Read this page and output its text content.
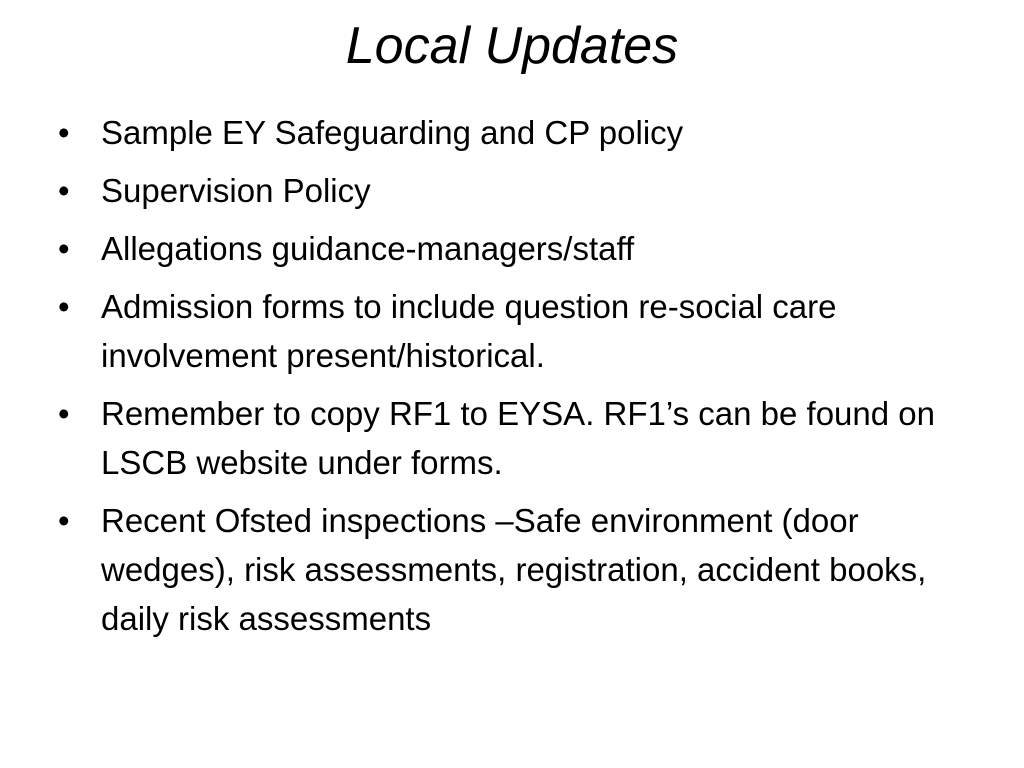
Local Updates
• Sample EY Safeguarding and CP policy
• Supervision Policy
• Allegations guidance-managers/staff
• Admission forms to include question re-social care involvement present/historical.
• Remember to copy RF1 to EYSA. RF1’s can be found on LSCB website under forms.
• Recent Ofsted inspections –Safe environment (door wedges), risk assessments, registration, accident books, daily risk assessments
